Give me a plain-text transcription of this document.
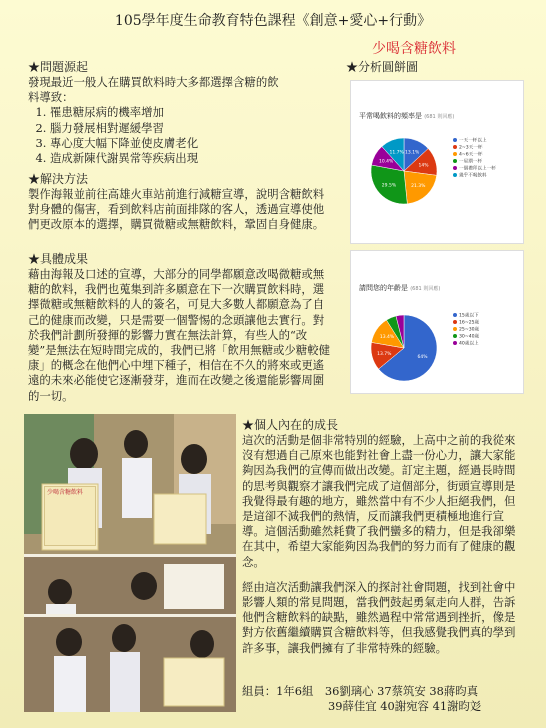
105學年度生命教育特色課程《創意+愛心+行動》
少喝含糖飲料
★問題源起
發現最近一般人在購買飲料時大多都選擇含糖的飲料導致：
1. 罹患糖尿病的機率增加
2. 腦力發展相對遲緩學習
3. 專心度大幅下降並使皮膚老化
4. 造成新陳代謝異常等疾病出現
★解決方法
製作海報並前往高雄火車站前進行減糖宣導，說明含糖飲料對身體的傷害，看到飲料店前面排隊的客人，透過宣導使他們更改原本的選擇，購買微糖或無糖飲料，鞏固自身健康。
★具體成果
藉由海報及口述的宣導，大部分的同學都願意改喝微糖或無糖的飲料，我們也蒐集到許多願意在下一次購買飲料時，選擇微糖或無糖飲料的人的簽名，可見大多數人都願意為了自己的健康而改變，只是需要一個警惕的念頭讓他去實行。對於我們計劃所發揮的影響力實在無法計算，有些人的“改變”是無法在短時間完成的，我們已將「飲用無糖或少糖較健康」的概念在他們心中埋下種子，相信在不久的將來或更遙遠的未來必能使它逐漸發芽，進而在改變之後還能影響周圍的一切。
★分析圓餅圖
平常喝飲料的頻率是 (681 則回應)
13.1%
14%
21.3%
29.5%
10.4%
11.7%
一天一杯以上
2~3天一杯
4~6天一杯
一星期一杯
一個禮拜以上一杯
幾乎不喝飲料
請問您的年齡是 (681 則回應)
64%
13.7%
13.4%
15歲以下
16~25歲
25~30歲
30~40歲
40歲以上
少喝含糖飲料
★個人內在的成長
這次的活動是個非常特別的經驗，上高中之前的我從來沒有想過自己原來也能對社會上盡一份心力，讓大家能夠因為我們的宣傳而做出改變。訂定主題，經過長時間的思考與觀察才讓我們完成了這個部分，街頭宣導則是我覺得最有趣的地方，雖然當中有不少人拒絕我們，但是這卻不減我們的熱情，反而讓我們更積極地進行宣導。這個活動雖然耗費了我們蠻多的精力，但是我卻樂在其中，希望大家能夠因為我們的努力而有了健康的觀念。
經由這次活動讓我們深入的探討社會問題，找到社會中影響人類的常見問題，當我們鼓起勇氣走向人群，告訴他們含糖飲料的缺點，雖然過程中常常遇到挫折，像是對方依舊繼續購買含糖飲料等，但我感覺我們真的學到許多事，讓我們擁有了非常特殊的經驗。
組員：1年6組　36劉璃心 37蔡筑安 38蔣昀真
39薛佳宜 40謝宛容 41謝昀彣
